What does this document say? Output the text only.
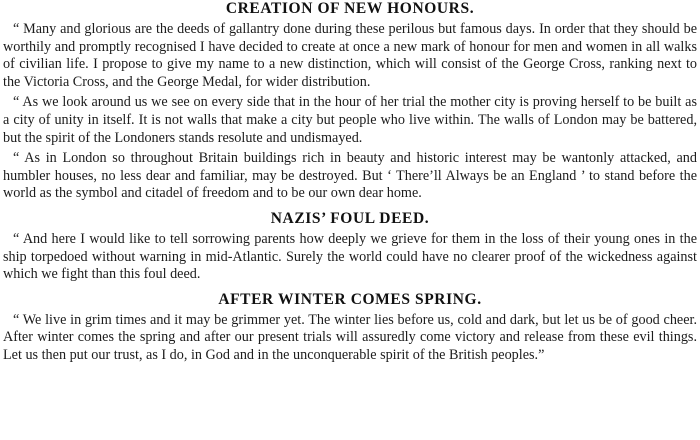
CREATION OF NEW HONOURS.

“ Many and glorious are the deeds of gallantry done during these perilous but famous days. In order that they should be worthily and promptly recognised I have decided to create at once a new mark of honour for men and women in all walks of civilian life. I propose to give my name to a new distinction, which will consist of the George Cross, ranking next to the Victoria Cross, and the George Medal, for wider distribution.

“ As we look around us we see on every side that in the hour of her trial the mother city is proving herself to be built as a city of unity in itself. It is not walls that make a city but people who live within. The walls of London may be battered, but the spirit of the Londoners stands resolute and undismayed.

“ As in London so throughout Britain buildings rich in beauty and historic interest may be wantonly attacked, and humbler houses, no less dear and familiar, may be destroyed. But ‘ There’ll Always be an England ’ to stand before the world as the symbol and citadel of freedom and to be our own dear home.

NAZIS’ FOUL DEED.

“ And here I would like to tell sorrowing parents how deeply we grieve for them in the loss of their young ones in the ship torpedoed without warning in mid-Atlantic. Surely the world could have no clearer proof of the wickedness against which we fight than this foul deed.

AFTER WINTER COMES SPRING.

“ We live in grim times and it may be grimmer yet. The winter lies before us, cold and dark, but let us be of good cheer. After winter comes the spring and after our present trials will assuredly come victory and release from these evil things. Let us then put our trust, as I do, in God and in the unconquerable spirit of the British peoples.”
